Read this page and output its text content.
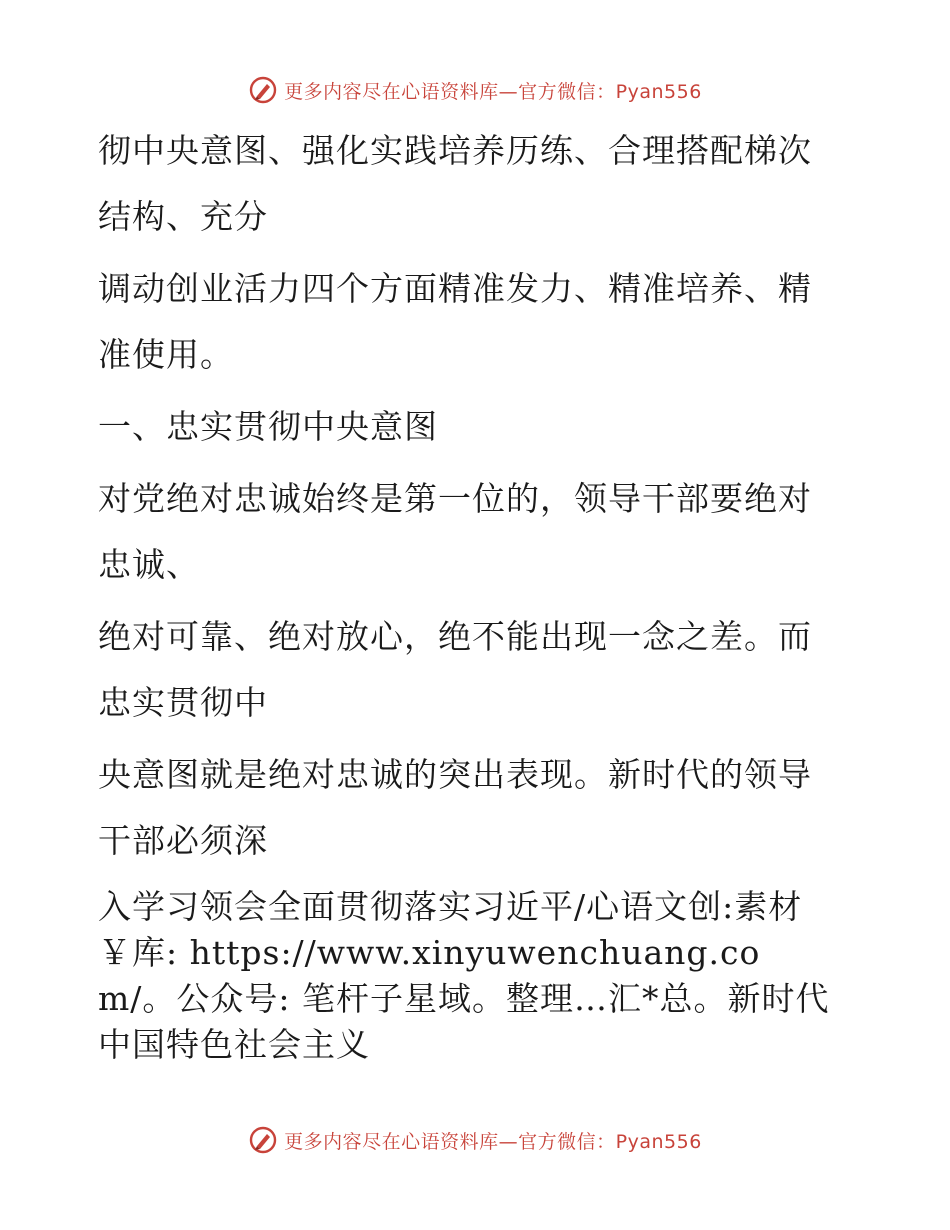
更多内容尽在心语资料库—官方微信：Pyan556

彻中央意图、强化实践培养历练、合理搭配梯次结构、充分

调动创业活力四个方面精准发力、精准培养、精准使用。

一、忠实贯彻中央意图

对党绝对忠诚始终是第一位的，领导干部要绝对忠诚、

绝对可靠、绝对放心，绝不能出现一念之差。而忠实贯彻中

央意图就是绝对忠诚的突出表现。新时代的领导干部必须深

入学习领会全面贯彻落实习近平/心语文创:素材￥库: https://www.xinyuwenchuang.com/。公众号: 笔杆子星域。整理…汇*总。新时代中国特色社会主义

更多内容尽在心语资料库—官方微信：Pyan556
